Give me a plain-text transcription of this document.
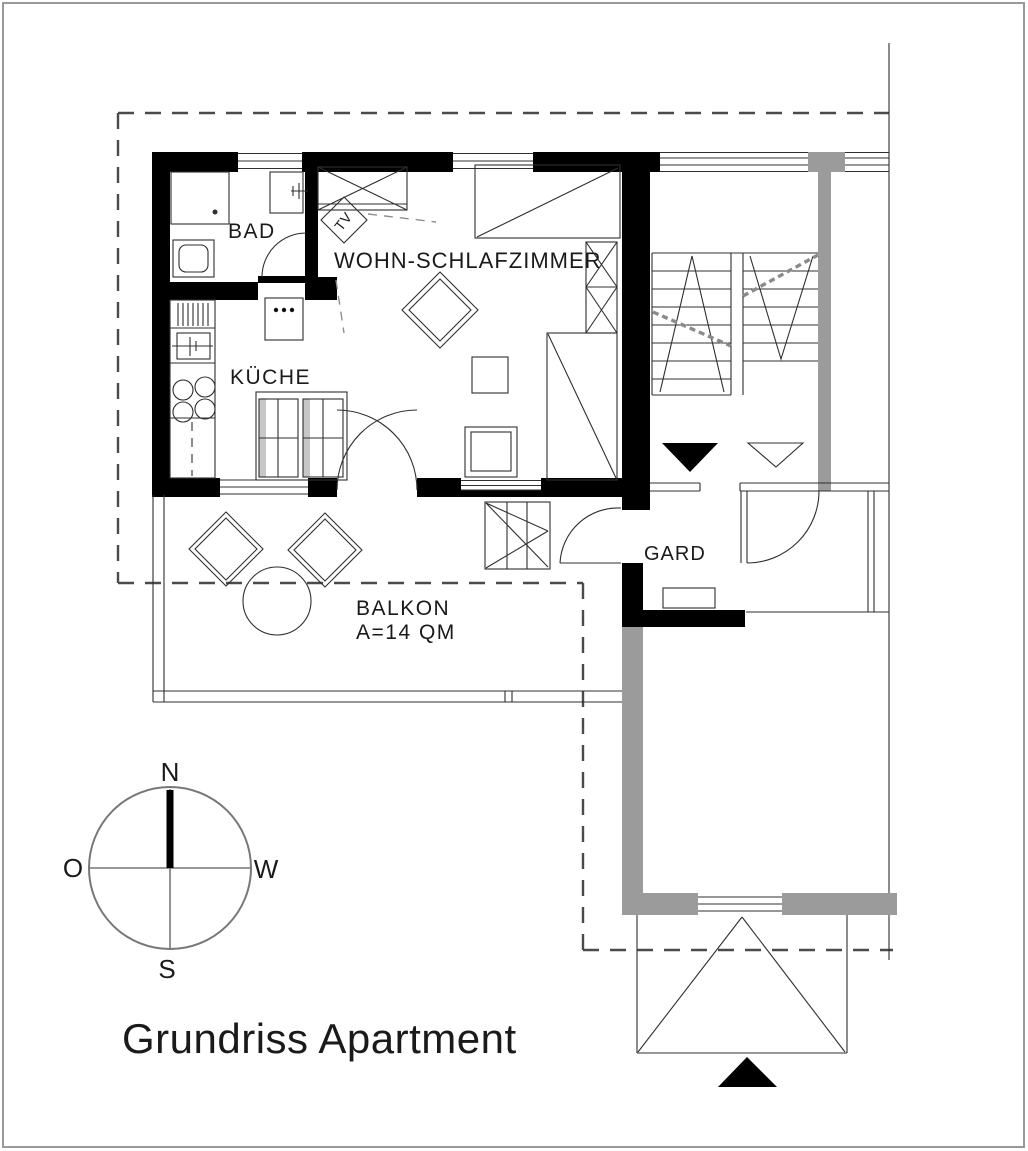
N
O	W
S
BAD
KÜCHE
WOHN-SCHLAFZIMMER
BALKON
A=14 QM
GARD
TV
Grundriss Apartment
